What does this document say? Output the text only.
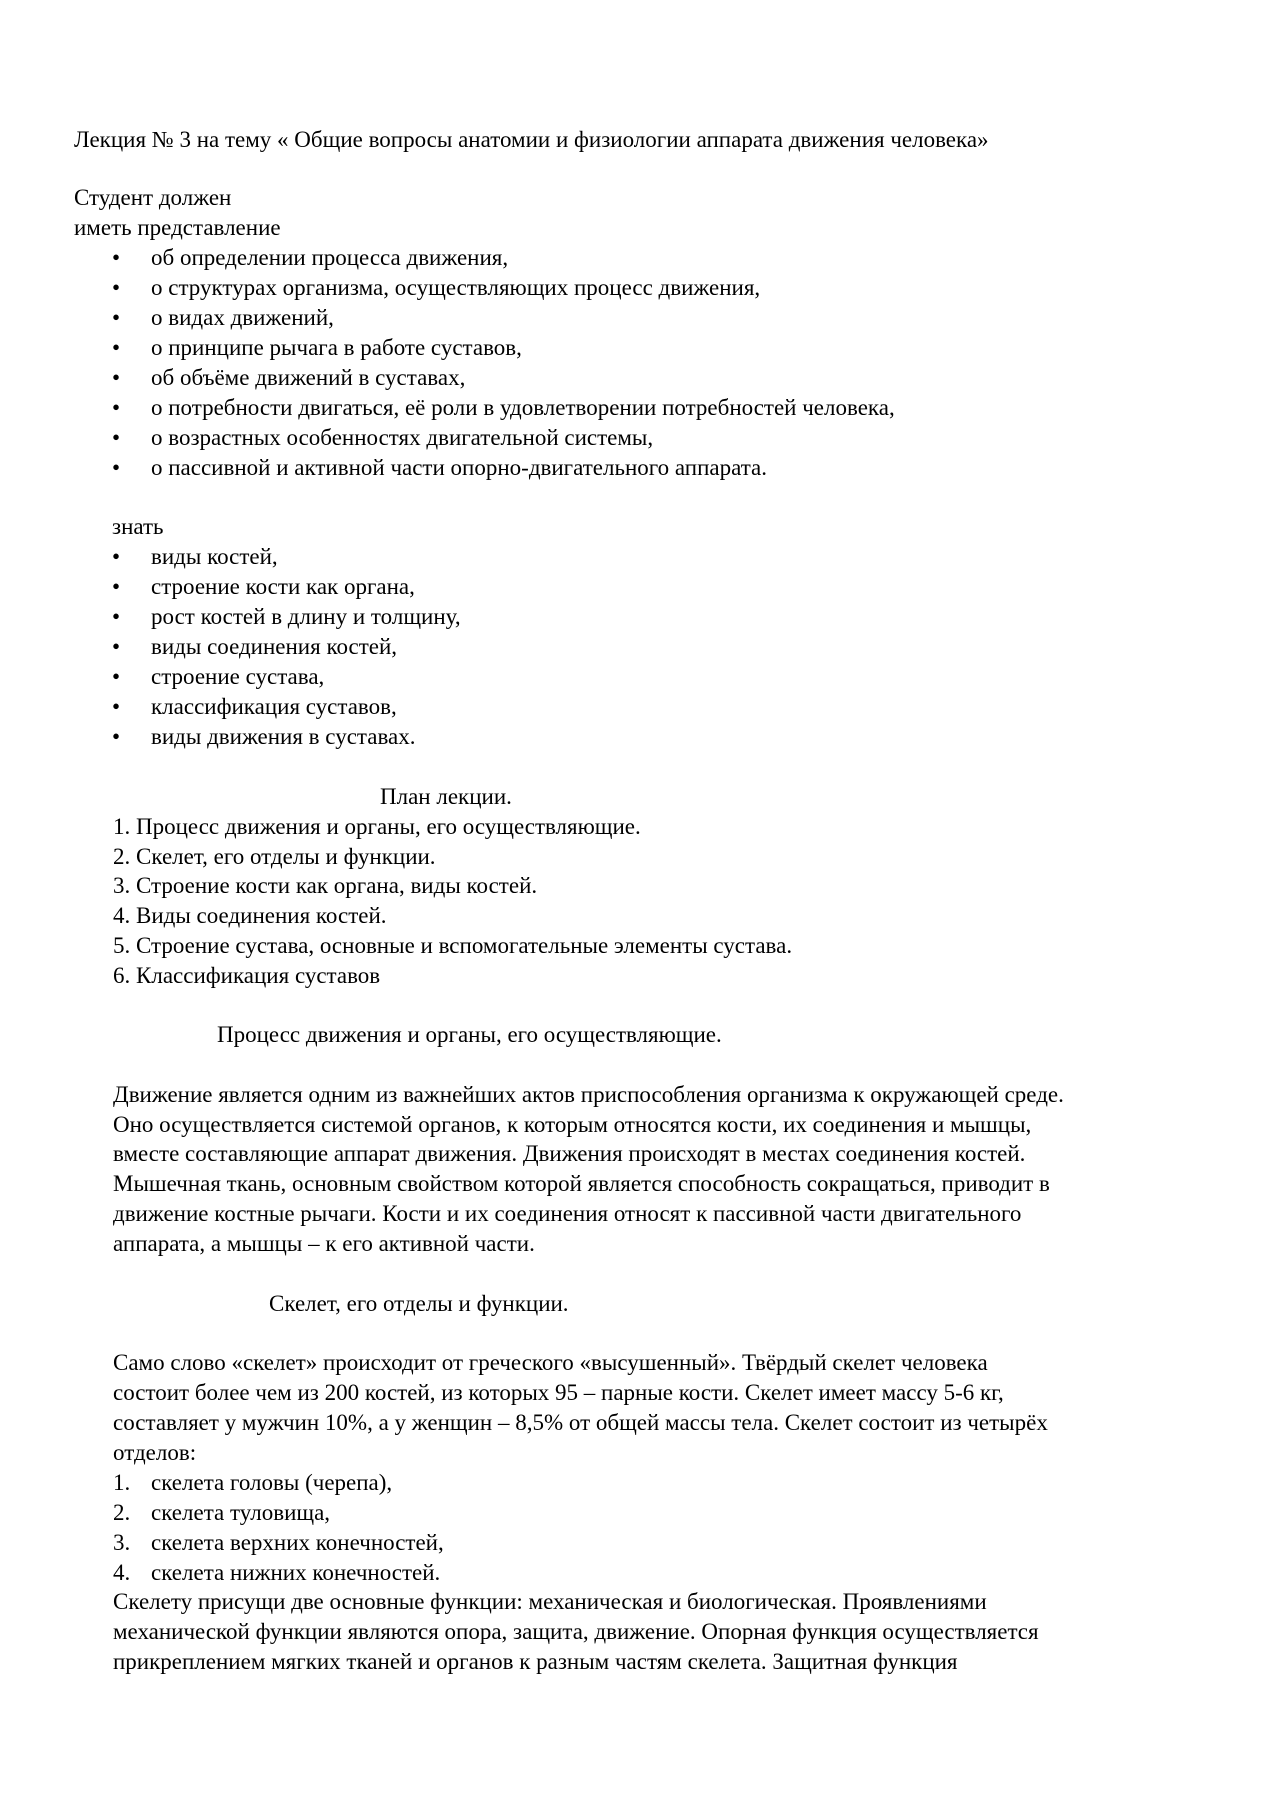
Лекция № 3 на тему « Общие вопросы анатомии и физиологии аппарата движения человека»
Студент должен
иметь представление
• об определении процесса движения,
• о структурах организма, осуществляющих процесс движения,
• о видах движений,
• о принципе рычага в работе суставов,
• об объёме движений в суставах,
• о потребности двигаться, её роли в удовлетворении потребностей человека,
• о возрастных особенностях двигательной системы,
• о пассивной и активной части опорно-двигательного аппарата.
знать
• виды костей,
• строение кости как органа,
• рост костей в длину и толщину,
• виды соединения костей,
• строение сустава,
• классификация суставов,
• виды движения в суставах.
План лекции.
1. Процесс движения и органы, его осуществляющие.
2. Скелет, его отделы и функции.
3. Строение кости как органа, виды костей.
4. Виды соединения костей.
5. Строение сустава, основные и вспомогательные элементы сустава.
6. Классификация суставов
Процесс движения и органы, его осуществляющие.
Движение является одним из важнейших актов приспособления организма к окружающей среде.
Оно осуществляется системой органов, к которым относятся кости, их соединения и мышцы,
вместе составляющие аппарат движения. Движения происходят в местах соединения костей.
Мышечная ткань, основным свойством которой является способность сокращаться, приводит в
движение костные рычаги. Кости и их соединения относят к пассивной части двигательного
аппарата, а мышцы – к его активной части.
Скелет, его отделы и функции.
Само слово «скелет» происходит от греческого «высушенный». Твёрдый скелет человека
состоит более чем из 200 костей, из которых 95 – парные кости. Скелет имеет массу 5-6 кг,
составляет у мужчин 10%, а у женщин – 8,5% от общей массы тела. Скелет состоит из четырёх
отделов:
1. скелета головы (черепа),
2. скелета туловища,
3. скелета верхних конечностей,
4. скелета нижних конечностей.
Скелету присущи две основные функции: механическая и биологическая. Проявлениями
механической функции являются опора, защита, движение. Опорная функция осуществляется
прикреплением мягких тканей и органов к разным частям скелета. Защитная функция
